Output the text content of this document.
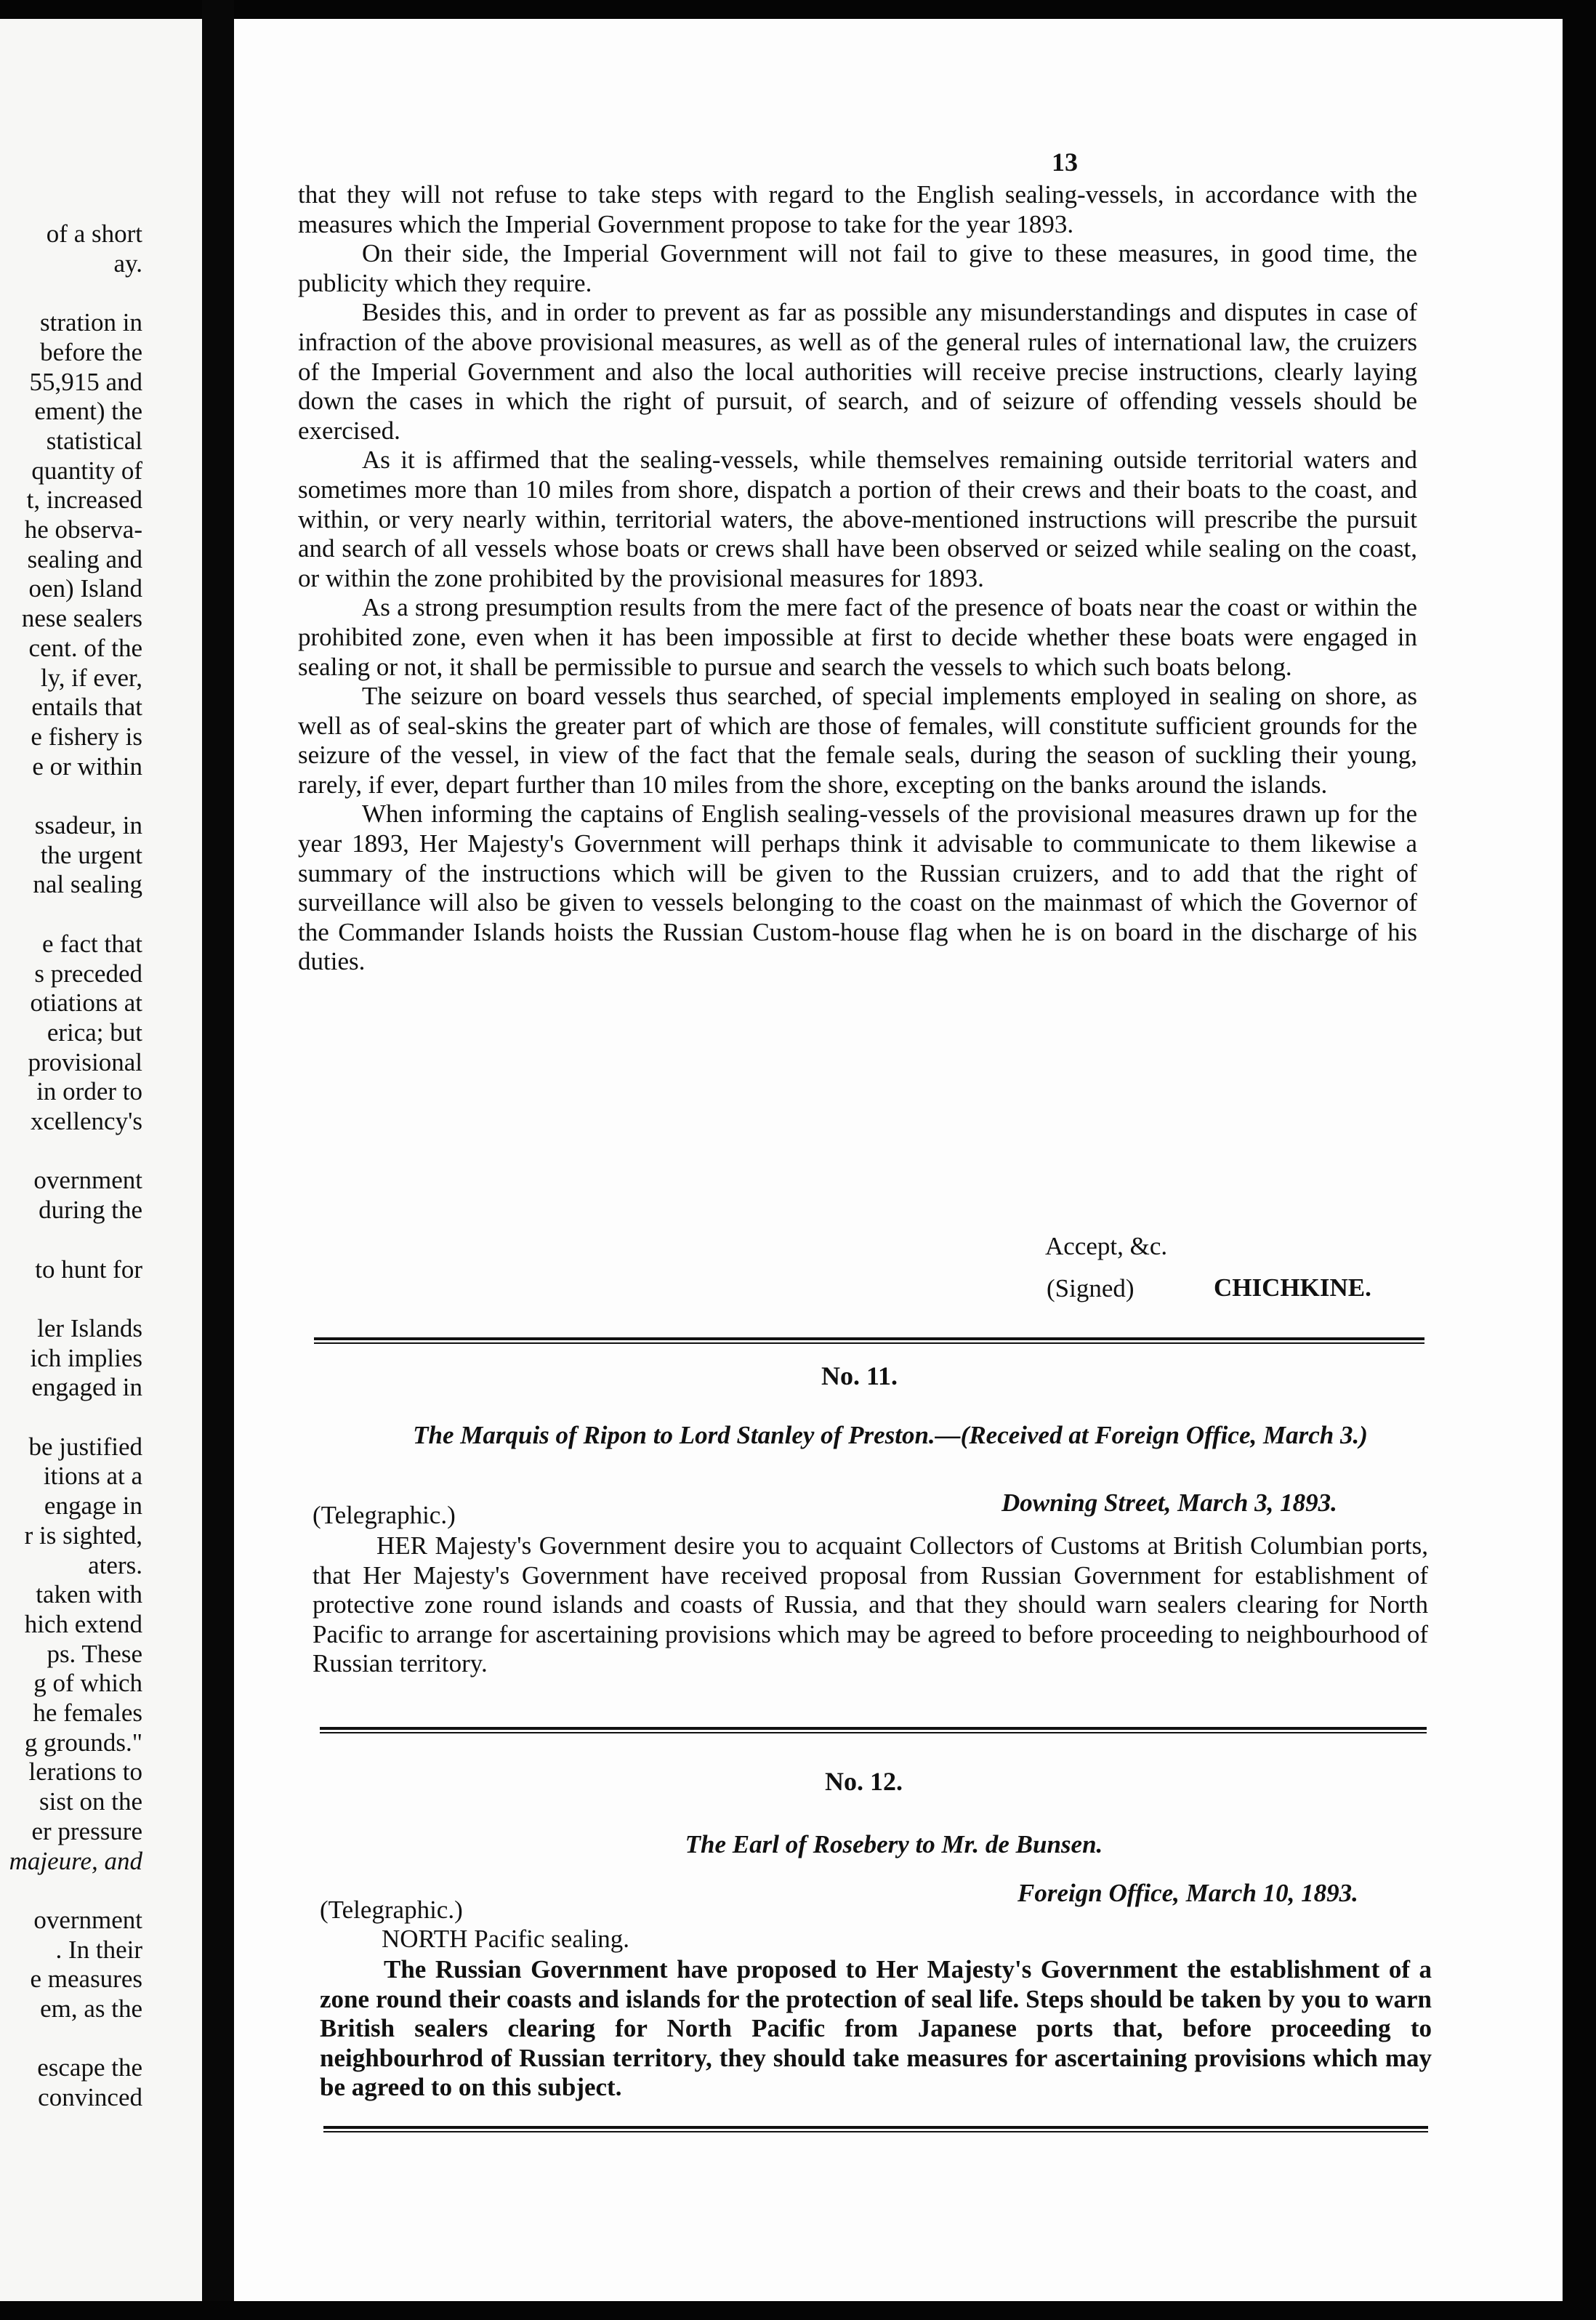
of a short
ay.
stration in
before the
55,915 and
ement) the
statistical
quantity of
t, increased
he observa-
sealing and
oen) Island
nese sealers
cent. of the
ly, if ever,
entails that
e fishery is
e or within
ssadeur, in
the urgent
nal sealing
e fact that
s preceded
otiations at
erica; but
provisional
in order to
xcellency's
overnment
during the
to hunt for
ler Islands
ich implies
engaged in
be justified
itions at a
engage in
r is sighted,
aters.
taken with
hich extend
ps. These
g of which
he females
g grounds."
lerations to
sist on the
er pressure
majeure, and
overnment
. In their
e measures
em, as the
escape the
convinced
13

that they will not refuse to take steps with regard to the English sealing-vessels, in accordance with the measures which the Imperial Government propose to take for the year 1893.

On their side, the Imperial Government will not fail to give to these measures, in good time, the publicity which they require.

Besides this, and in order to prevent as far as possible any misunderstandings and disputes in case of infraction of the above provisional measures, as well as of the general rules of international law, the cruizers of the Imperial Government and also the local authorities will receive precise instructions, clearly laying down the cases in which the right of pursuit, of search, and of seizure of offending vessels should be exercised.

As it is affirmed that the sealing-vessels, while themselves remaining outside territorial waters and sometimes more than 10 miles from shore, dispatch a portion of their crews and their boats to the coast, and within, or very nearly within, territorial waters, the above-mentioned instructions will prescribe the pursuit and search of all vessels whose boats or crews shall have been observed or seized while sealing on the coast, or within the zone prohibited by the provisional measures for 1893.

As a strong presumption results from the mere fact of the presence of boats near the coast or within the prohibited zone, even when it has been impossible at first to decide whether these boats were engaged in sealing or not, it shall be permissible to pursue and search the vessels to which such boats belong.

The seizure on board vessels thus searched, of special implements employed in sealing on shore, as well as of seal-skins the greater part of which are those of females, will constitute sufficient grounds for the seizure of the vessel, in view of the fact that the female seals, during the season of suckling their young, rarely, if ever, depart further than 10 miles from the shore, excepting on the banks around the islands.

When informing the captains of English sealing-vessels of the provisional measures drawn up for the year 1893, Her Majesty's Government will perhaps think it advisable to communicate to them likewise a summary of the instructions which will be given to the Russian cruizers, and to add that the right of surveillance will also be given to vessels belonging to the coast on the mainmast of which the Governor of the Commander Islands hoists the Russian Custom-house flag when he is on board in the discharge of his duties.

Accept, &c.
(Signed)	CHICHKINE.
No. 11.
The Marquis of Ripon to Lord Stanley of Preston.—(Received at Foreign Office, March 3.)
(Telegraphic.)	Downing Street, March 3, 1893.

HER Majesty's Government desire you to acquaint Collectors of Customs at British Columbian ports, that Her Majesty's Government have received proposal from Russian Government for establishment of protective zone round islands and coasts of Russia, and that they should warn sealers clearing for North Pacific to arrange for ascertaining provisions which may be agreed to before proceeding to neighbourhood of Russian territory.

No. 12.
The Earl of Rosebery to Mr. de Bunsen.
(Telegraphic.)
Foreign Office, March 10, 1893.
NORTH Pacific sealing.

The Russian Government have proposed to Her Majesty's Government the establishment of a zone round their coasts and islands for the protection of seal life. Steps should be taken by you to warn British sealers clearing for North Pacific from Japanese ports that, before proceeding to neighbourhrod of Russian territory, they should take measures for ascertaining provisions which may be agreed to on this subject.
